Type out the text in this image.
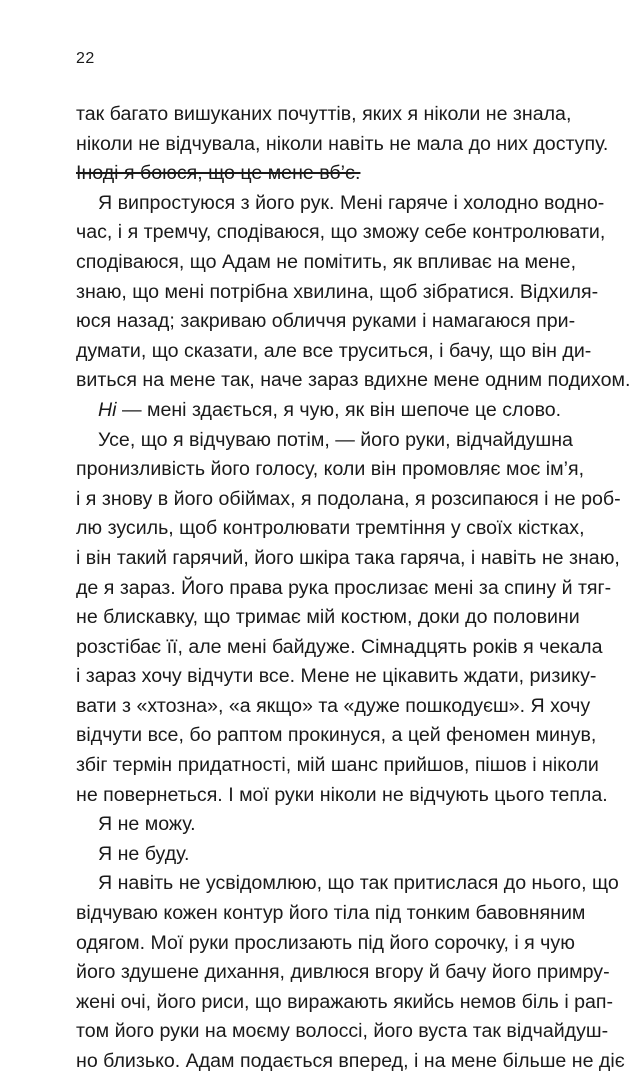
22
так багато вишуканих почуттів, яких я ніколи не знала,
ніколи не відчувала, ніколи навіть не мала до них доступу.
Іноді я боюся, що це мене вб’є.
Я випростуюся з його рук. Мені гаряче і холодно водно-
час, і я тремчу, сподіваюся, що зможу себе контролювати,
сподіваюся, що Адам не помітить, як впливає на мене,
знаю, що мені потрібна хвилина, щоб зібратися. Відхиля-
юся назад; закриваю обличчя руками і намагаюся при-
думати, що сказати, але все труситься, і бачу, що він ди-
виться на мене так, наче зараз вдихне мене одним подихом.
Ні — мені здається, я чую, як він шепоче це слово.
Усе, що я відчуваю потім, — його руки, відчайдушна
пронизливість його голосу, коли він промовляє моє ім’я,
і я знову в його обіймах, я подолана, я розсипаюся і не роб-
лю зусиль, щоб контролювати тремтіння у своїх кістках,
і він такий гарячий, його шкіра така гаряча, і навіть не знаю,
де я зараз. Його права рука прослизає мені за спину й тяг-
не блискавку, що тримає мій костюм, доки до половини
розстібає її, але мені байдуже. Сімнадцять років я чекала
і зараз хочу відчути все. Мене не цікавить ждати, ризику-
вати з «хтозна», «а якщо» та «дуже пошкодуєш». Я хочу
відчути все, бо раптом прокинуся, а цей феномен минув,
збіг термін придатності, мій шанс прийшов, пішов і ніколи
не повернеться. І мої руки ніколи не відчують цього тепла.
Я не можу.
Я не буду.
Я навіть не усвідомлюю, що так притислася до нього, що
відчуваю кожен контур його тіла під тонким бавовняним
одягом. Мої руки прослизають під його сорочку, і я чую
його здушене дихання, дивлюся вгору й бачу його примру-
жені очі, його риси, що виражають якийсь немов біль і рап-
том його руки на моєму волоссі, його вуста так відчайдуш-
но близько. Адам подається вперед, і на мене більше не діє
